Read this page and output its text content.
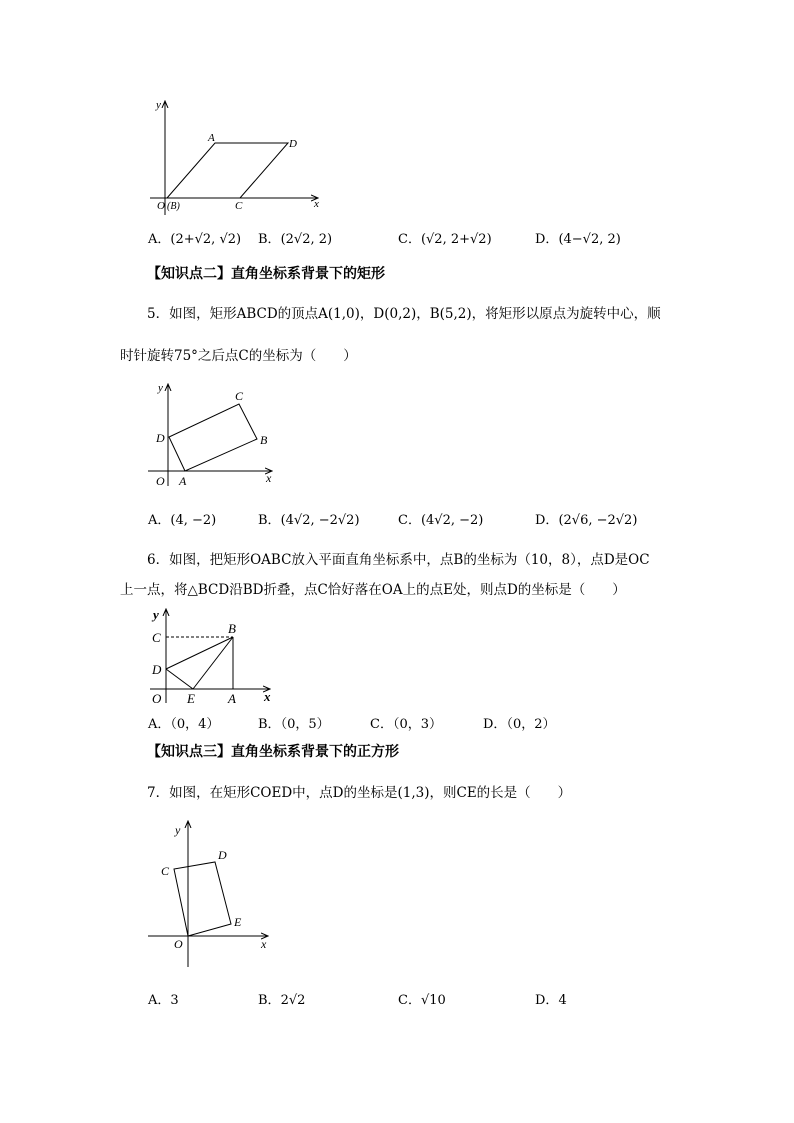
y
x
A	D
O (B)	C
A．(2+√2, √2) B．(2√2, 2)	C．(√2, 2+√2)	D．(4−√2, 2)
【知识点二】直角坐标系背景下的矩形
5．如图，矩形ABCD的顶点A(1,0)，D(0,2)，B(5,2)，将矩形以原点为旋转中心，顺
时针旋转75°之后点C的坐标为（　　）
y
x
C
D	B
O A
A．(4, −2)	B．(4√2, −2√2)	C．(4√2, −2)	D．(2√6, −2√2)
6．如图，把矩形OABC放入平面直角坐标系中，点B的坐标为（10，8），点D是OC
上一点，将△BCD沿BD折叠，点C恰好落在OA上的点E处，则点D的坐标是（　　）
y
x
C
B
D
O E	A
A．（0，4）	B．（0，5）	C．（0，3）	D．（0，2）
【知识点三】直角坐标系背景下的正方形
7．如图，在矩形COED中，点D的坐标是(1,3)，则CE的长是（　　）
y
x
C
D
E
O
A．3	B．2√2	C．√10	D．4
